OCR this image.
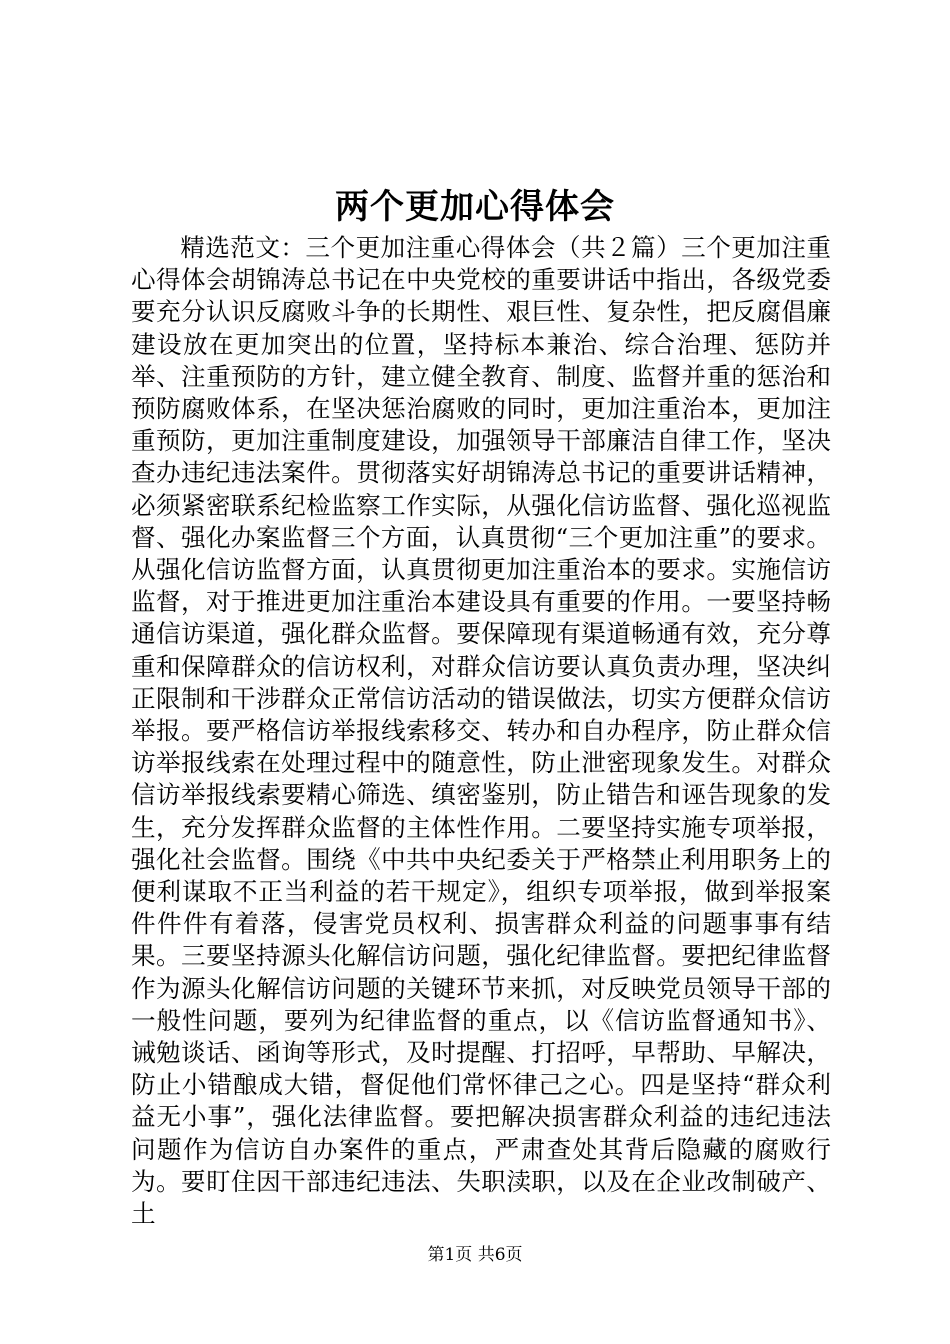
两个更加心得体会

精选范文：三个更加注重心得体会（共２篇）三个更加注重心得体会胡锦涛总书记在中央党校的重要讲话中指出，各级党委要充分认识反腐败斗争的长期性、艰巨性、复杂性，把反腐倡廉建设放在更加突出的位置，坚持标本兼治、综合治理、惩防并举、注重预防的方针，建立健全教育、制度、监督并重的惩治和预防腐败体系，在坚决惩治腐败的同时，更加注重治本，更加注重预防，更加注重制度建设，加强领导干部廉洁自律工作，坚决查办违纪违法案件。贯彻落实好胡锦涛总书记的重要讲话精神，必须紧密联系纪检监察工作实际，从强化信访监督、强化巡视监督、强化办案监督三个方面，认真贯彻“三个更加注重”的要求。从强化信访监督方面，认真贯彻更加注重治本的要求。实施信访监督，对于推进更加注重治本建设具有重要的作用。一要坚持畅通信访渠道，强化群众监督。要保障现有渠道畅通有效，充分尊重和保障群众的信访权利，对群众信访要认真负责办理，坚决纠正限制和干涉群众正常信访活动的错误做法，切实方便群众信访举报。要严格信访举报线索移交、转办和自办程序，防止群众信访举报线索在处理过程中的随意性，防止泄密现象发生。对群众信访举报线索要精心筛选、缜密鉴别，防止错告和诬告现象的发生，充分发挥群众监督的主体性作用。二要坚持实施专项举报，强化社会监督。围绕《中共中央纪委关于严格禁止利用职务上的便利谋取不正当利益的若干规定》，组织专项举报，做到举报案件件件有着落，侵害党员权利、损害群众利益的问题事事有结果。三要坚持源头化解信访问题，强化纪律监督。要把纪律监督作为源头化解信访问题的关键环节来抓，对反映党员领导干部的一般性问题，要列为纪律监督的重点，以《信访监督通知书》、诫勉谈话、函询等形式，及时提醒、打招呼，早帮助、早解决，防止小错酿成大错，督促他们常怀律己之心。四是坚持“群众利益无小事”，强化法律监督。要把解决损害群众利益的违纪违法问题作为信访自办案件的重点，严肃查处其背后隐藏的腐败行为。要盯住因干部违纪违法、失职渎职，以及在企业改制破产、土

第1页 共6页
